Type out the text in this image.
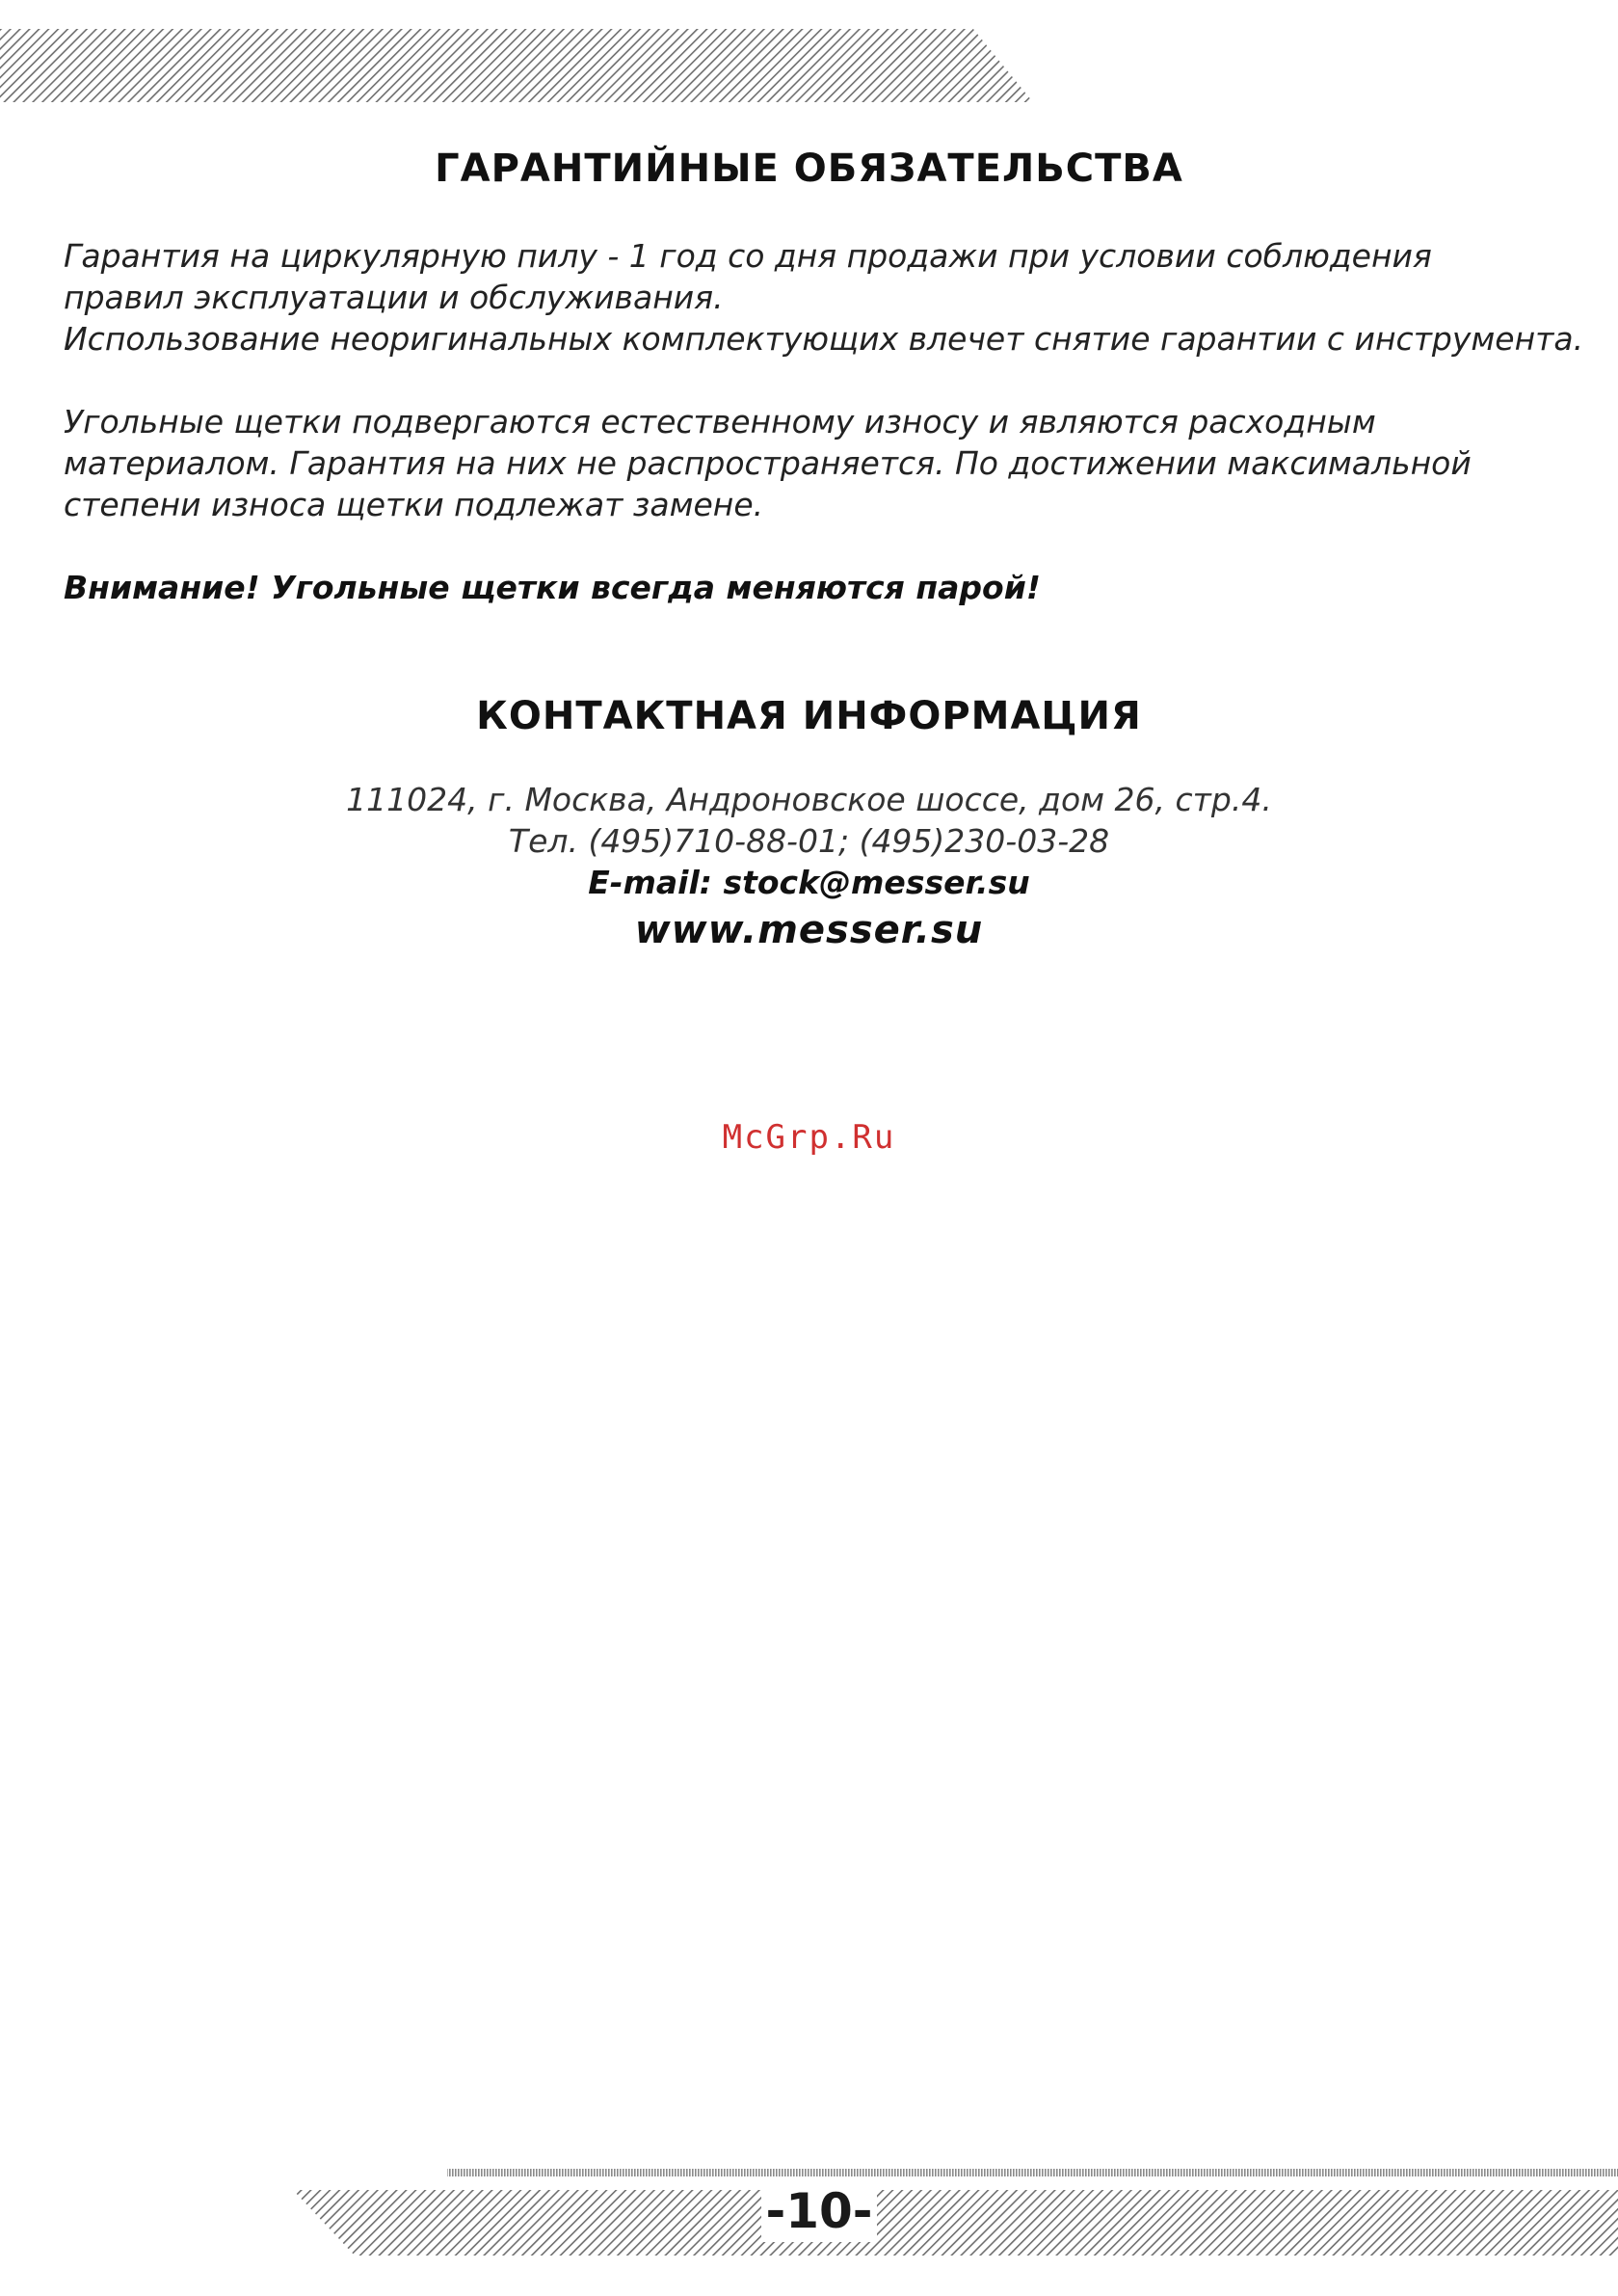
ГАРАНТИЙНЫЕ ОБЯЗАТЕЛЬСТВА
Гарантия на циркулярную пилу - 1 год со дня продажи при условии соблюдения
правил эксплуатации и обслуживания.
Использование неоригинальных комплектующих влечет снятие гарантии с инструмента.
Угольные щетки подвергаются естественному износу и являются расходным
материалом. Гарантия на них не распространяется. По достижении максимальной
степени износа щетки подлежат замене.
Внимание! Угольные щетки всегда меняются парой!
КОНТАКТНАЯ ИНФОРМАЦИЯ
111024, г. Москва, Андроновское шоссе, дом 26, стр.4.
Тел. (495)710-88-01; (495)230-03-28
E-mail: stock@messer.su
www.messer.su
McGrp.Ru
-10-
